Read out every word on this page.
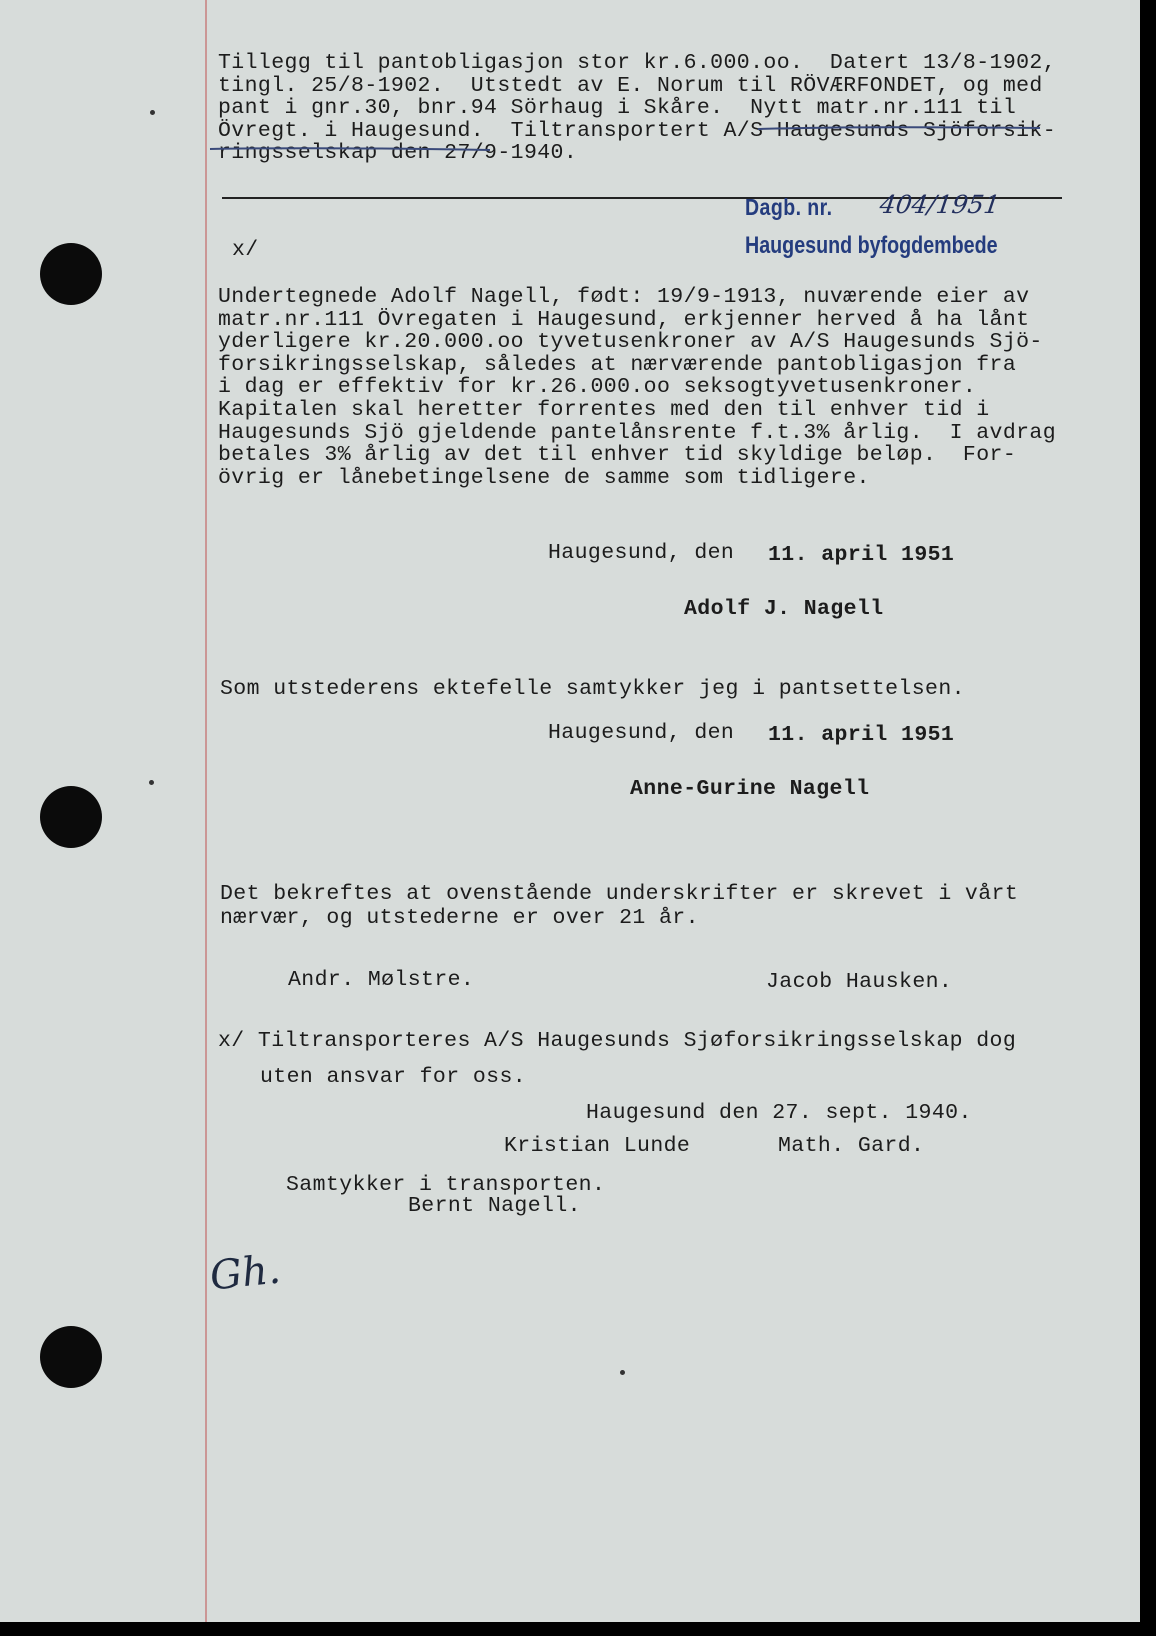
Tillegg til pantobligasjon stor kr.6.000.oo.  Datert 13/8-1902,
tingl. 25/8-1902.  Utstedt av E. Norum til RÖVÆRFONDET, og med
pant i gnr.30, bnr.94 Sörhaug i Skåre.  Nytt matr.nr.111 til
Övregt. i Haugesund.  Tiltransportert A/S Haugesunds Sjöforsik-
ringsselskap den 27/9-1940.
Dagb. nr. 404/1951
Haugesund byfogdembede
x/
Undertegnede Adolf Nagell, født: 19/9-1913, nuværende eier av
matr.nr.111 Övregaten i Haugesund, erkjenner herved å ha lånt
yderligere kr.20.000.oo tyvetusenkroner av A/S Haugesunds Sjö-
forsikringsselskap, således at nærværende pantobligasjon fra
i dag er effektiv for kr.26.000.oo seksogtyvetusenkroner.
Kapitalen skal heretter forrentes med den til enhver tid i
Haugesunds Sjö gjeldende pantelånsrente f.t.3% årlig.  I avdrag
betales 3% årlig av det til enhver tid skyldige beløp.  For-
övrig er lånebetingelsene de samme som tidligere.
Haugesund, den 11. april 1951
Adolf J. Nagell
Som utstederens ektefelle samtykker jeg i pantsettelsen.
Haugesund, den 11. april 1951
Anne-Gurine Nagell
Det bekreftes at ovenstående underskrifter er skrevet i vårt
nærvær, og utstederne er over 21 år.
Andr. Mølstre.	Jacob Hausken.
x/ Tiltransporteres A/S Haugesunds Sjøforsikringsselskap dog
uten ansvar for oss.
Haugesund den 27. sept. 1940.
Kristian Lunde	Math. Gard.
Samtykker i transporten.
Bernt Nagell.
Gh.
